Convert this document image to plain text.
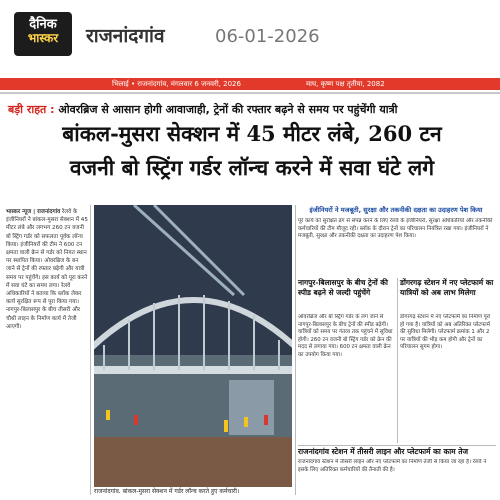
दैनिक
भास्कर	राजनांदगांव	06-01-2026
भिलाई • राजनांदगांव, मंगलवार 6 जनवरी, 2026	माघ, कृष्ण पक्ष तृतीया, 2082
बड़ी राहत : ओवरब्रिज से आसान होगी आवाजाही, ट्रेनों की रफ्तार बढ़ने से समय पर पहुंचेंगी यात्री
बांकल-मुसरा सेक्शन में 45 मीटर लंबे, 260 टन
वजनी बो स्ट्रिंग गर्डर लॉन्च करने में सवा घंटे लगे
भास्कर न्यूज | राजनांदगांव रेलवे के इंजीनियरों ने बांकल-मुसरा सेक्शन में 45 मीटर लंबे और लगभग 260 टन वजनी बो स्ट्रिंग गर्डर को सफलता पूर्वक लॉन्च किया। इंजीनियरों की टीम ने 600 टन क्षमता वाली क्रेन से गर्डर को नियत स्थान पर स्थापित किया। ओवरब्रिज के बन जाने से ट्रेनों की रफ्तार बढ़ेगी और यात्री समय पर पहुंचेंगे। इस कार्य को पूरा करने में सवा घंटे का समय लगा। रेलवे अधिकारियों ने बताया कि ब्लॉक लेकर कार्य सुरक्षित रूप से पूरा किया गया। नागपुर-बिलासपुर के बीच तीसरी और चौथी लाइन के निर्माण कार्य में तेजी आएगी।
राजनांदगांव. बांकल-मुसरा सेक्शन में गर्डर लॉन्च करते हुए कर्मचारी।
इंजीनियरों ने मजबूती, सुरक्षा और तकनीकी दक्षता का उदाहरण पेश किया
पूरे कार्य को सुरक्षित ढंग से संपन्न करने के लिए रेलवे के इंजीनियरों, सुरक्षा अधिकारियों और तकनीकी कर्मचारियों की टीम मौजूद रही। ब्लॉक के दौरान ट्रेनों का परिचालन नियंत्रित रखा गया। इंजीनियरों ने मजबूती, सुरक्षा और तकनीकी दक्षता का उदाहरण पेश किया।
नागपुर-बिलासपुर के बीच ट्रेनों की स्पीड बढ़ने से जल्दी पहुंचेंगे
ओवरब्रिज और बो स्ट्रिंग गर्डर के लग जाने से नागपुर-बिलासपुर के बीच ट्रेनों की स्पीड बढ़ेगी। यात्रियों को समय पर गंतव्य तक पहुंचने में सुविधा होगी। 260 टन वजनी बो स्ट्रिंग गर्डर को क्रेन की मदद से लगाया गया। 600 टन क्षमता वाली क्रेन का उपयोग किया गया।
डोंगरगढ़ स्टेशन में नए प्लेटफार्म का यात्रियों को अब लाभ मिलेगा
डोंगरगढ़ स्टेशन में नए प्लेटफार्म का निर्माण पूरा हो गया है। यात्रियों को अब अतिरिक्त प्लेटफार्म की सुविधा मिलेगी। प्लेटफार्म क्रमांक 1 और 2 पर यात्रियों की भीड़ कम होगी और ट्रेनों का परिचालन सुगम होगा।
राजनांदगांव स्टेशन में तीसरी लाइन और प्लेटफार्म का काम तेज
राजनांदगांव स्टेशन में तीसरी लाइन और नए प्लेटफार्म का निर्माण तेजी से किया जा रहा है। रेलवे ने इसके लिए अतिरिक्त कर्मचारियों की तैनाती की है।
